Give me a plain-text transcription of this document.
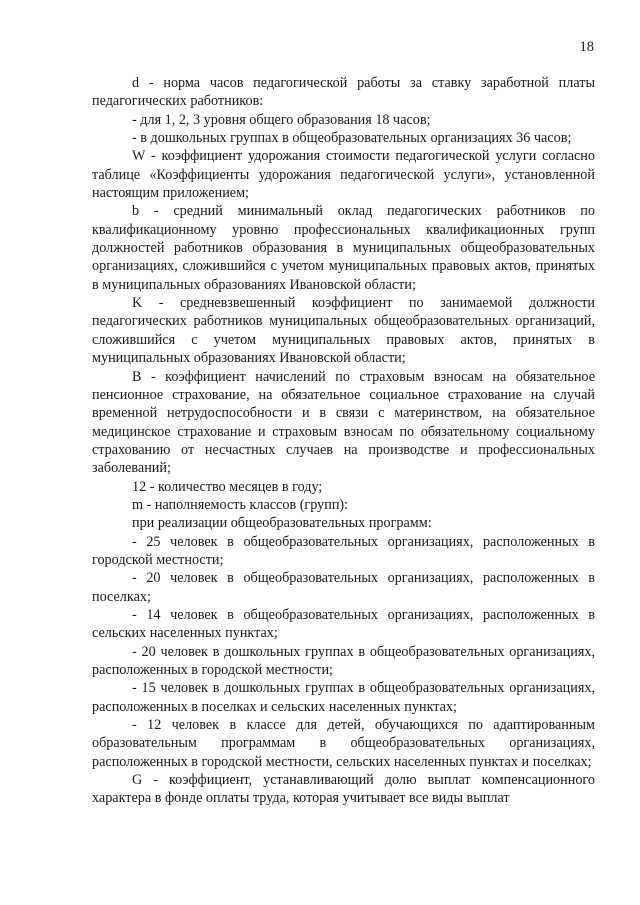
18

d - норма часов педагогической работы за ставку заработной платы педагогических работников:

- для 1, 2, 3 уровня общего образования 18 часов;

- в дошкольных группах в общеобразовательных организациях 36 часов;

W - коэффициент удорожания стоимости педагогической услуги согласно таблице «Коэффициенты удорожания педагогической услуги», установленной настоящим приложением;

b - средний минимальный оклад педагогических работников по квалификационному уровню профессиональных квалификационных групп должностей работников образования в муниципальных общеобразовательных организациях, сложившийся с учетом муниципальных правовых актов, принятых в муниципальных образованиях Ивановской области;

K - средневзвешенный коэффициент по занимаемой должности педагогических работников муниципальных общеобразовательных организаций, сложившийся с учетом муниципальных правовых актов, принятых в муниципальных образованиях Ивановской области;

B - коэффициент начислений по страховым взносам на обязательное пенсионное страхование, на обязательное социальное страхование на случай временной нетрудоспособности и в связи с материнством, на обязательное медицинское страхование и страховым взносам по обязательному социальному страхованию от несчастных случаев на производстве и профессиональных заболеваний;

12 - количество месяцев в году;

m - наполняемость классов (групп):

при реализации общеобразовательных программ:

- 25 человек в общеобразовательных организациях, расположенных в городской местности;

- 20 человек в общеобразовательных организациях, расположенных в поселках;

- 14 человек в общеобразовательных организациях, расположенных в сельских населенных пунктах;

- 20 человек в дошкольных группах в общеобразовательных организациях, расположенных в городской местности;

- 15 человек в дошкольных группах в общеобразовательных организациях, расположенных в поселках и сельских населенных пунктах;

- 12 человек в классе для детей, обучающихся по адаптированным образовательным программам в общеобразовательных организациях, расположенных в городской местности, сельских населенных пунктах и поселках;

G - коэффициент, устанавливающий долю выплат компенсационного характера в фонде оплаты труда, которая учитывает все виды выплат
